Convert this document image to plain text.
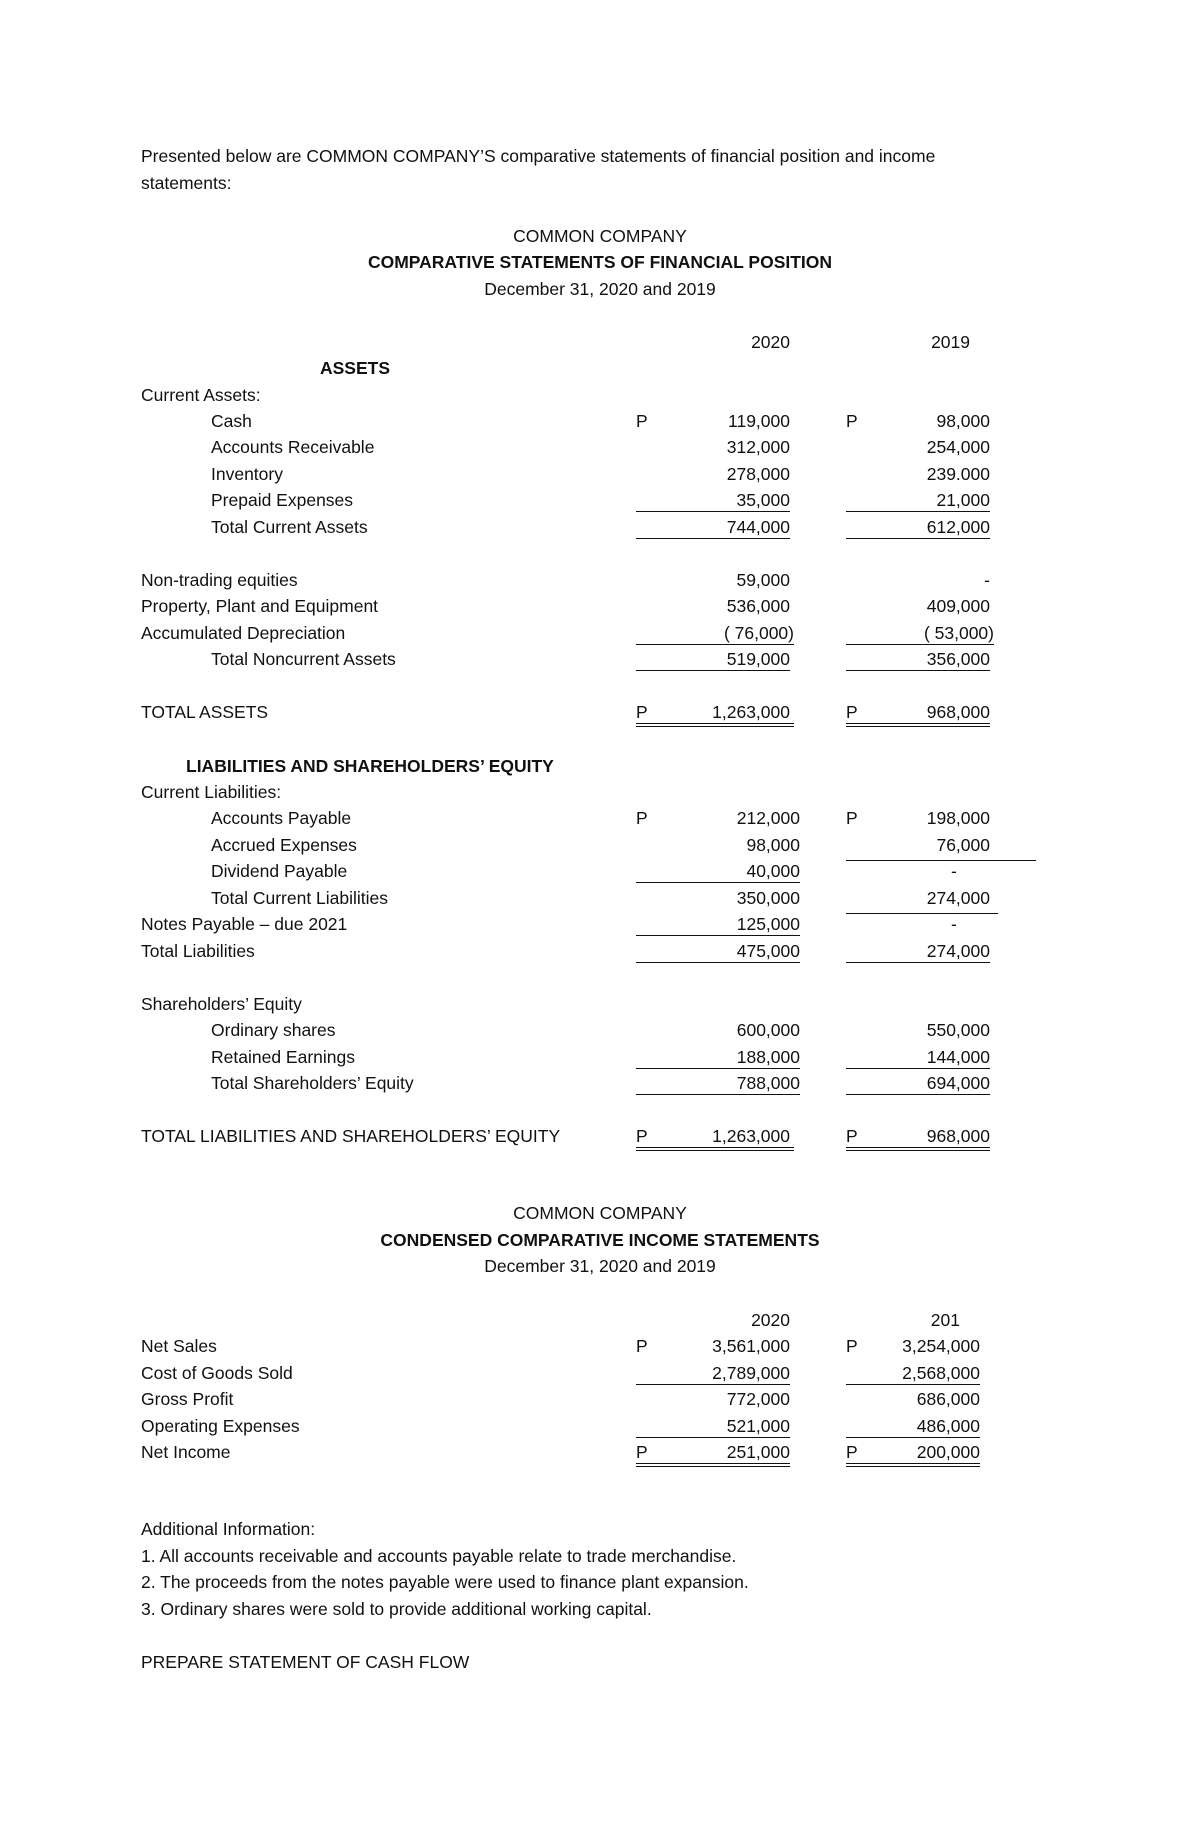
Presented below are COMMON COMPANY’S comparative statements of financial position and income
statements:
COMMON COMPANY
COMPARATIVE STATEMENTS OF FINANCIAL POSITION
December 31, 2020 and 2019
2020	2019
ASSETS
Current Assets:
Cash	P	119,000	P	98,000
Accounts Receivable	312,000	254,000
Inventory	278,000	239.000
Prepaid Expenses	35,000	21,000
Total Current Assets	744,000	612,000
Non-trading equities	59,000	-
Property, Plant and Equipment	536,000	409,000
Accumulated Depreciation	( 76,000)	( 53,000)
Total Noncurrent Assets	519,000	356,000
TOTAL ASSETS	P	1,263,000	P	968,000
LIABILITIES AND SHAREHOLDERS’ EQUITY
Current Liabilities:
Accounts Payable	P	212,000	P	198,000
Accrued Expenses	98,000	76,000
Dividend Payable	40,000	-
Total Current Liabilities	350,000	274,000
Notes Payable – due 2021	125,000	-
Total Liabilities	475,000	274,000
Shareholders’ Equity
Ordinary shares	600,000	550,000
Retained Earnings	188,000	144,000
Total Shareholders’ Equity	788,000	694,000
TOTAL LIABILITIES AND SHAREHOLDERS’ EQUITY	P	1,263,000	P	968,000
COMMON COMPANY
CONDENSED COMPARATIVE INCOME STATEMENTS
December 31, 2020 and 2019
2020	201
Net Sales	P	3,561,000	P	3,254,000
Cost of Goods Sold	2,789,000	2,568,000
Gross Profit	772,000	686,000
Operating Expenses	521,000	486,000
Net Income	P	251,000	P	200,000
Additional Information:
1. All accounts receivable and accounts payable relate to trade merchandise.
2. The proceeds from the notes payable were used to finance plant expansion.
3. Ordinary shares were sold to provide additional working capital.
PREPARE STATEMENT OF CASH FLOW
